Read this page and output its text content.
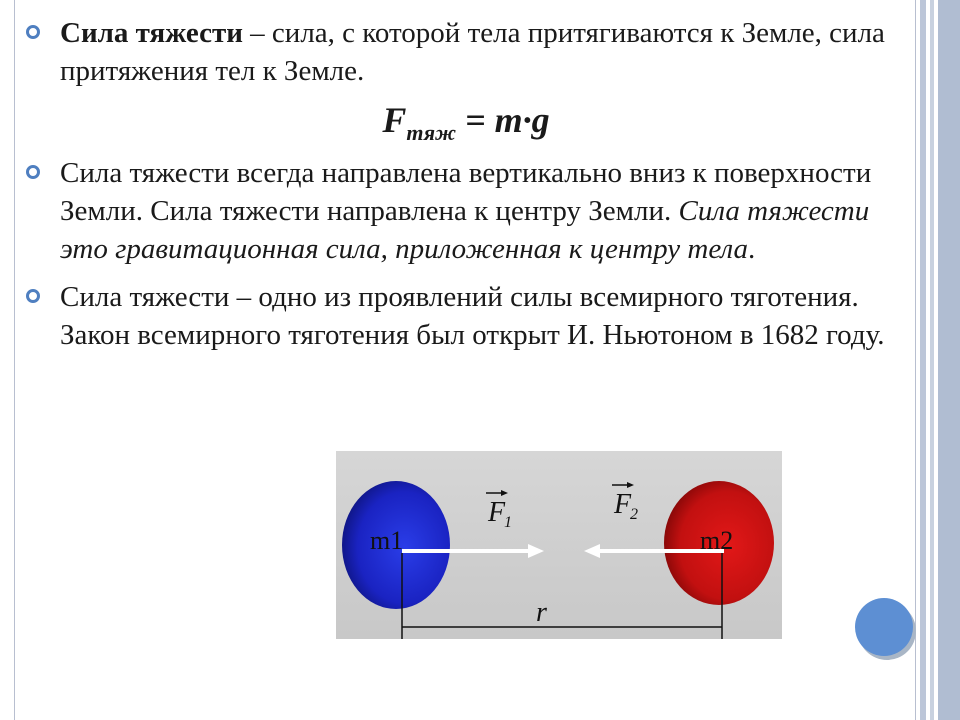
Сила тяжести – сила, с которой тела притягиваются к Земле, сила притяжения тел к Земле.
$F_{тяж} = m\cdot g$
Сила тяжести всегда направлена вертикально вниз к поверхности Земли. Сила тяжести направлена к центру Земли. Сила тяжести это гравитационная сила, приложенная к центру тела.
Сила тяжести – одно из проявлений силы всемирного тяготения. Закон всемирного тяготения был открыт И. Ньютоном в 1682 году.
m1	m2
F
1
F
2
r
